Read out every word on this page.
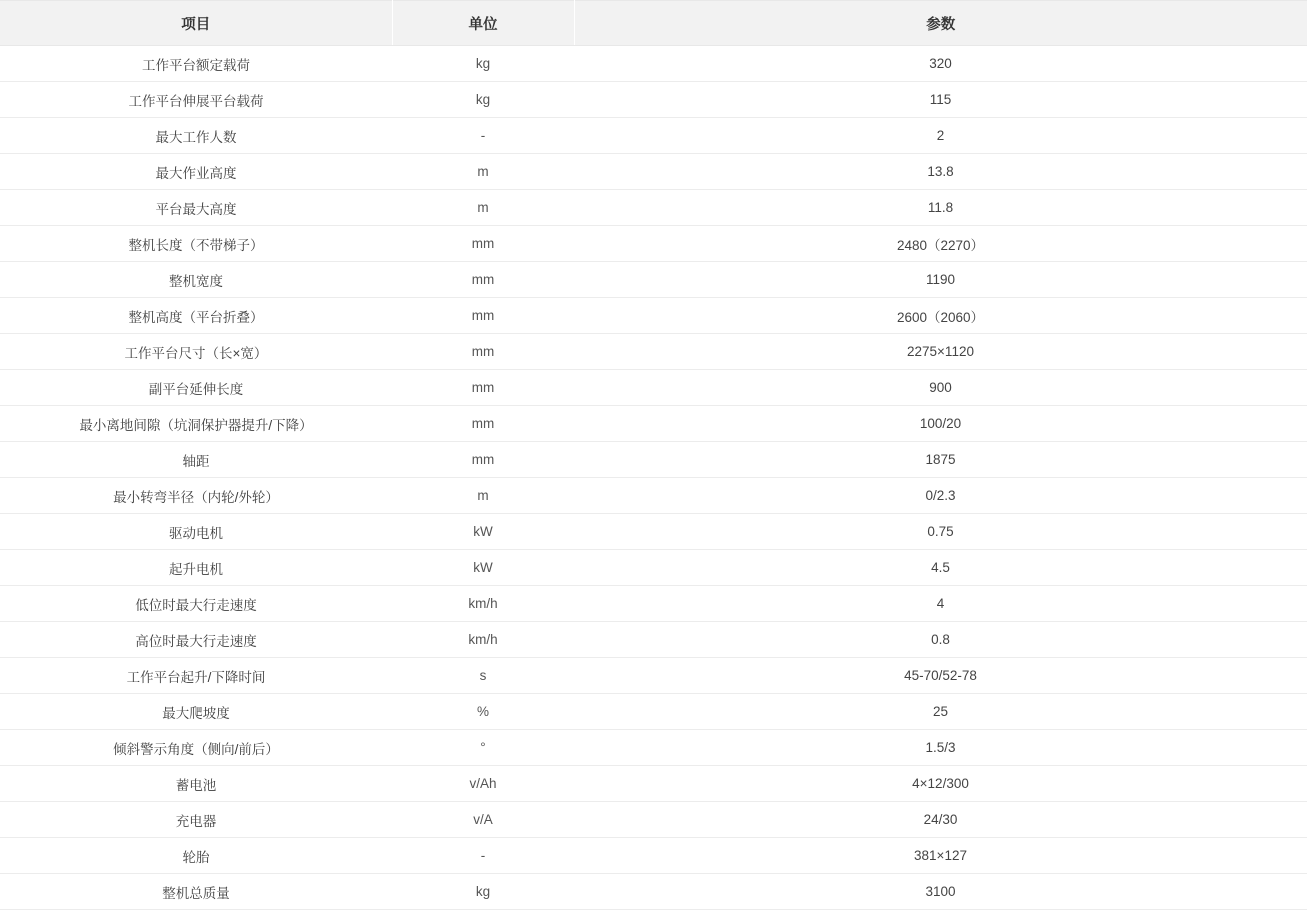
项目	单位	参数
工作平台额定载荷	kg	320
工作平台伸展平台载荷	kg	115
最大工作人数	-	2
最大作业高度	m	13.8
平台最大高度	m	11.8
整机长度（不带梯子）	mm	2480（2270）
整机宽度	mm	1190
整机高度（平台折叠）	mm	2600（2060）
工作平台尺寸（长×宽）	mm	2275×1120
副平台延伸长度	mm	900
最小离地间隙（坑洞保护器提升/下降）	mm	100/20
轴距	mm	1875
最小转弯半径（内轮/外轮）	m	0/2.3
驱动电机	kW	0.75
起升电机	kW	4.5
低位时最大行走速度	km/h	4
高位时最大行走速度	km/h	0.8
工作平台起升/下降时间	s	45-70/52-78
最大爬坡度	%	25
倾斜警示角度（侧向/前后）	°	1.5/3
蓄电池	v/Ah	4×12/300
充电器	v/A	24/30
轮胎	-	381×127
整机总质量	kg	3100
